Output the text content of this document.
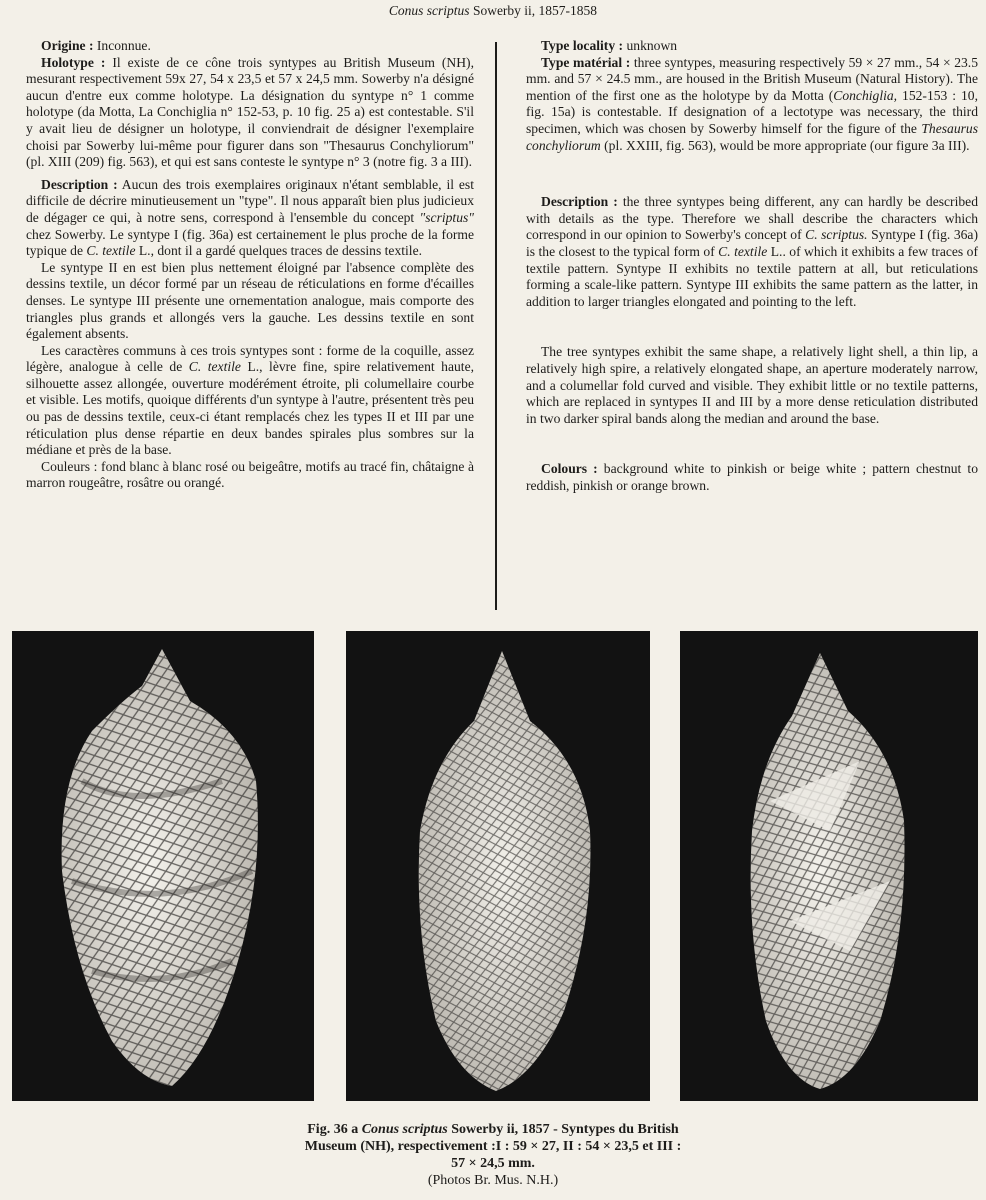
Conus scriptus Sowerby ii, 1857-1858

Origine : Inconnue.

Holotype : Il existe de ce cône trois syntypes au British Museum (NH), mesurant respectivement 59x 27, 54 x 23,5 et 57 x 24,5 mm. Sowerby n'a désigné aucun d'entre eux comme holotype. La désignation du syntype n° 1 comme holotype (da Motta, La Conchiglia n° 152-53, p. 10 fig. 25 a) est contestable. S'il y avait lieu de désigner un holotype, il conviendrait de désigner l'exemplaire choisi par Sowerby lui-même pour figurer dans son "Thesaurus Conchyliorum" (pl. XIII (209) fig. 563), et qui est sans conteste le syntype n° 3 (notre fig. 3 a III).

Description : Aucun des trois exemplaires originaux n'étant semblable, il est difficile de décrire minutieusement un "type". Il nous apparaît bien plus judicieux de dégager ce qui, à notre sens, correspond à l'ensemble du concept "scriptus" chez Sowerby. Le syntype I (fig. 36a) est certainement le plus proche de la forme typique de C. textile L., dont il a gardé quelques traces de dessins textile.

Le syntype II en est bien plus nettement éloigné par l'absence complète des dessins textile, un décor formé par un réseau de réticulations en forme d'écailles denses. Le syntype III présente une ornementation analogue, mais comporte des triangles plus grands et allongés vers la gauche. Les dessins textile en sont également absents.

Les caractères communs à ces trois syntypes sont : forme de la coquille, assez légère, analogue à celle de C. textile L., lèvre fine, spire relativement haute, silhouette assez allongée, ouverture modérément étroite, pli columellaire courbe et visible. Les motifs, quoique différents d'un syntype à l'autre, présentent très peu ou pas de dessins textile, ceux-ci étant remplacés chez les types II et III par une réticulation plus dense répartie en deux bandes spirales plus sombres sur la médiane et près de la base.

Couleurs : fond blanc à blanc rosé ou beigeâtre, motifs au tracé fin, châtaigne à marron rougeâtre, rosâtre ou orangé.

Type locality : unknown

Type matérial : three syntypes, measuring respectively 59 × 27 mm., 54 × 23.5 mm. and 57 × 24.5 mm., are housed in the British Museum (Natural History). The mention of the first one as the holotype by da Motta (Conchiglia, 152-153 : 10, fig. 15a) is contestable. If designation of a lectotype was necessary, the third specimen, which was chosen by Sowerby himself for the figure of the Thesaurus conchyliorum (pl. XXIII, fig. 563), would be more appropriate (our figure 3a III).

Description : the three syntypes being different, any can hardly be described with details as the type. Therefore we shall describe the characters which correspond in our opinion to Sowerby's concept of C. scriptus. Syntype I (fig. 36a) is the closest to the typical form of C. textile L.. of which it exhibits a few traces of textile pattern. Syntype II exhibits no textile pattern at all, but reticulations forming a scale-like pattern. Syntype III exhibits the same pattern as the latter, in addition to larger triangles elongated and pointing to the left.

The tree syntypes exhibit the same shape, a relatively light shell, a thin lip, a relatively high spire, a relatively elongated shape, an aperture moderately narrow, and a columellar fold curved and visible. They exhibit little or no textile patterns, which are replaced in syntypes II and III by a more dense reticulation distributed in two darker spiral bands along the median and around the base.

Colours : background white to pinkish or beige white ; pattern chestnut to reddish, pinkish or orange brown.

Fig. 36 a Conus scriptus Sowerby ii, 1857 - Syntypes du British
Museum (NH), respectivement :I : 59 × 27, II : 54 × 23,5 et III :
57 × 24,5 mm.
(Photos Br. Mus. N.H.)
